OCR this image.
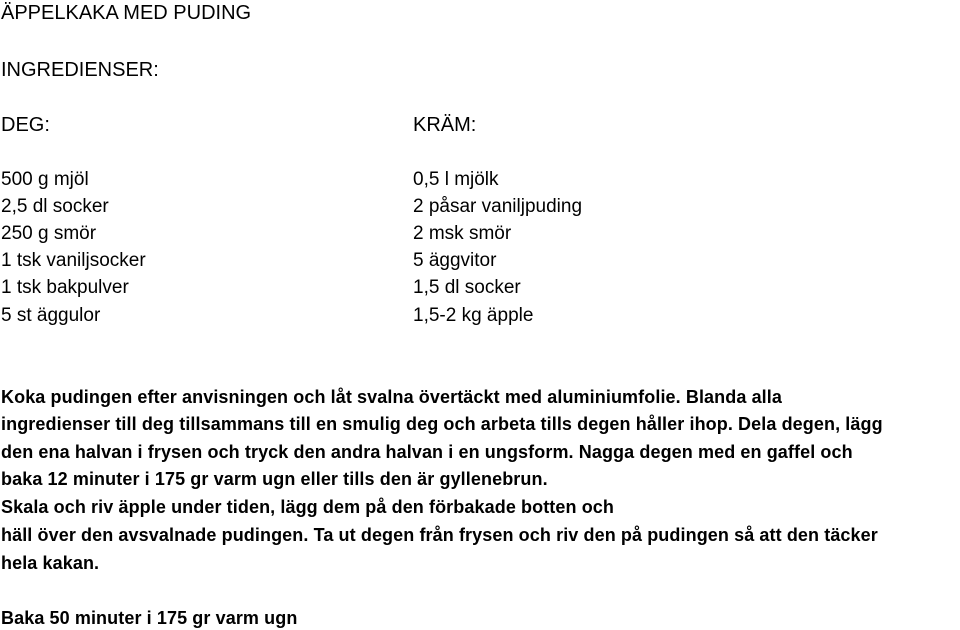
ÄPPELKAKA MED PUDING
INGREDIENSER:
DEG:	KRÄM:
500 g mjöl
2,5 dl socker
250 g smör
1 tsk vaniljsocker
1 tsk bakpulver
5 st äggulor
0,5 l mjölk
2 påsar vaniljpuding
2 msk smör
5 äggvitor
1,5 dl socker
1,5-2 kg äpple
Koka pudingen efter anvisningen och låt svalna övertäckt med aluminiumfolie. Blanda alla
ingredienser till deg tillsammans till en smulig deg och arbeta tills degen håller ihop. Dela degen, lägg
den ena halvan i frysen och tryck den andra halvan i en ungsform. Nagga degen med en gaffel och
baka 12 minuter i 175 gr varm ugn eller tills den är gyllenebrun.
Skala och riv äpple under tiden, lägg dem på den förbakade botten och
häll över den avsvalnade pudingen. Ta ut degen från frysen och riv den på pudingen så att den täcker
hela kakan.
Baka 50 minuter i 175 gr varm ugn
